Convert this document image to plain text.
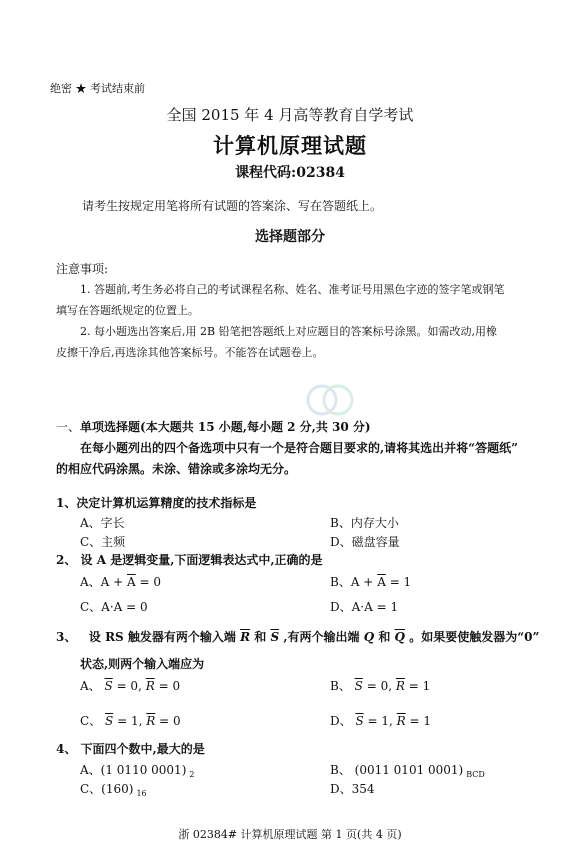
绝密 ★ 考试结束前
全国 2015 年 4 月高等教育自学考试
计算机原理试题
课程代码:02384
请考生按规定用笔将所有试题的答案涂、写在答题纸上。
选择题部分
注意事项:
1. 答题前,考生务必将自己的考试课程名称、姓名、准考证号用黑色字迹的签字笔或钢笔
填写在答题纸规定的位置上。
2. 每小题选出答案后,用 2B 铅笔把答题纸上对应题目的答案标号涂黑。如需改动,用橡
皮擦干净后,再选涂其他答案标号。不能答在试题卷上。
一、单项选择题(本大题共 15 小题,每小题 2 分,共 30 分)
在每小题列出的四个备选项中只有一个是符合题目要求的,请将其选出并将“答题纸”
的相应代码涂黑。未涂、错涂或多涂均无分。
1、决定计算机运算精度的技术指标是
A、字长	B、内存大小
C、主频	D、磁盘容量
2、 设 A 是逻辑变量,下面逻辑表达式中,正确的是
A、$A + \overline{A} = 0$	B、$A + \overline{A} = 1$
C、A·A = 0	D、A·A = 1
3、 设 RS 触发器有两个输入端 $\overline{R}$ 和 $\overline{S}$ ,有两个输出端 Q 和 $\overline{Q}$ 。如果要使触发器为“0”
状态,则两个输入端应为
A、 $\overline{S} = 0$, $\overline{R} = 0$	B、 $\overline{S} = 0$, $\overline{R} = 1$
C、 $\overline{S} = 1$, $\overline{R} = 0$	D、 $\overline{S} = 1$, $\overline{R} = 1$
4、 下面四个数中,最大的是
A、(1 0110 0001) $_2$	B、 (0011 0101 0001) $_{BCD}$
C、(160) $_{16}$	D、354
浙 02384# 计算机原理试题 第 1 页(共 4 页)
